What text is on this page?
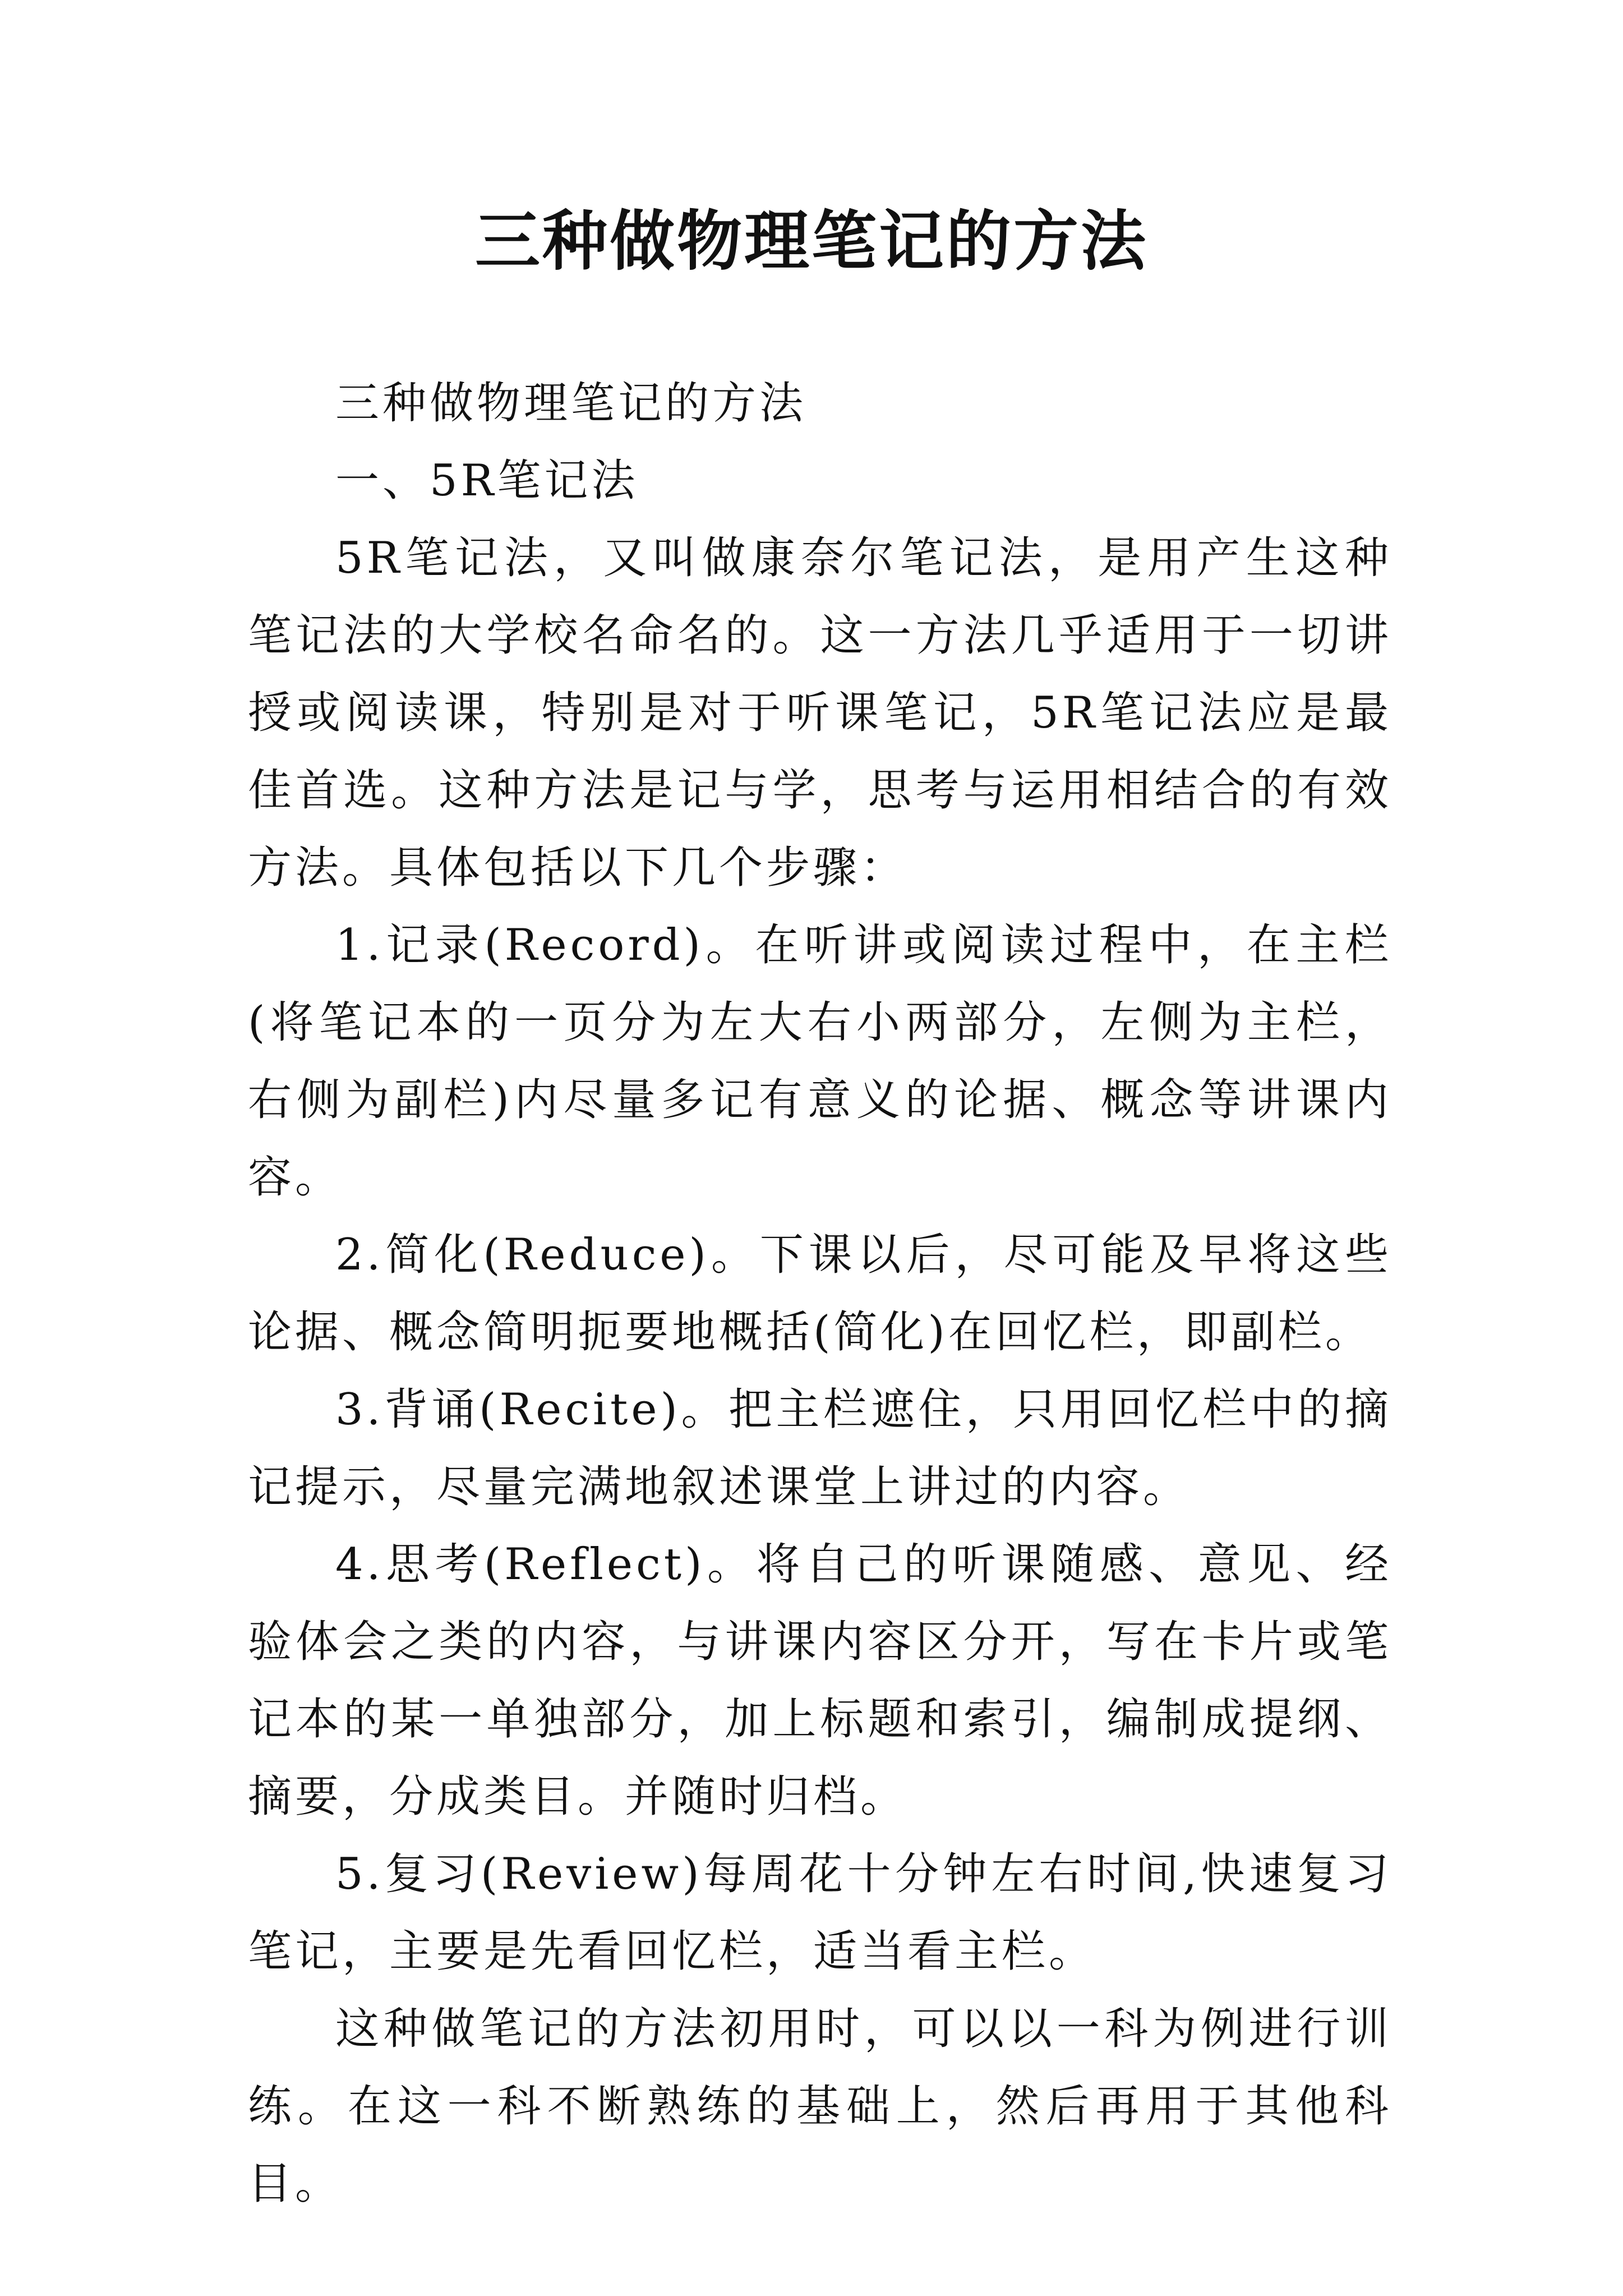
三种做物理笔记的方法

三种做物理笔记的方法

一、5R笔记法

5R笔记法，又叫做康奈尔笔记法，是用产生这种笔记法的大学校名命名的。这一方法几乎适用于一切讲授或阅读课，特别是对于听课笔记，5R笔记法应是最佳首选。这种方法是记与学，思考与运用相结合的有效方法。具体包括以下几个步骤：

1.记录(Record)。在听讲或阅读过程中，在主栏(将笔记本的一页分为左大右小两部分，左侧为主栏，右侧为副栏)内尽量多记有意义的论据、概念等讲课内容。

2.简化(Reduce)。下课以后，尽可能及早将这些论据、概念简明扼要地概括(简化)在回忆栏，即副栏。

3.背诵(Recite)。把主栏遮住，只用回忆栏中的摘记提示，尽量完满地叙述课堂上讲过的内容。

4.思考(Reflect)。将自己的听课随感、意见、经验体会之类的内容，与讲课内容区分开，写在卡片或笔记本的某一单独部分，加上标题和索引，编制成提纲、摘要，分成类目。并随时归档。

5.复习(Review)每周花十分钟左右时间,快速复习笔记，主要是先看回忆栏，适当看主栏。

这种做笔记的方法初用时，可以以一科为例进行训练。在这一科不断熟练的基础上，然后再用于其他科目。
